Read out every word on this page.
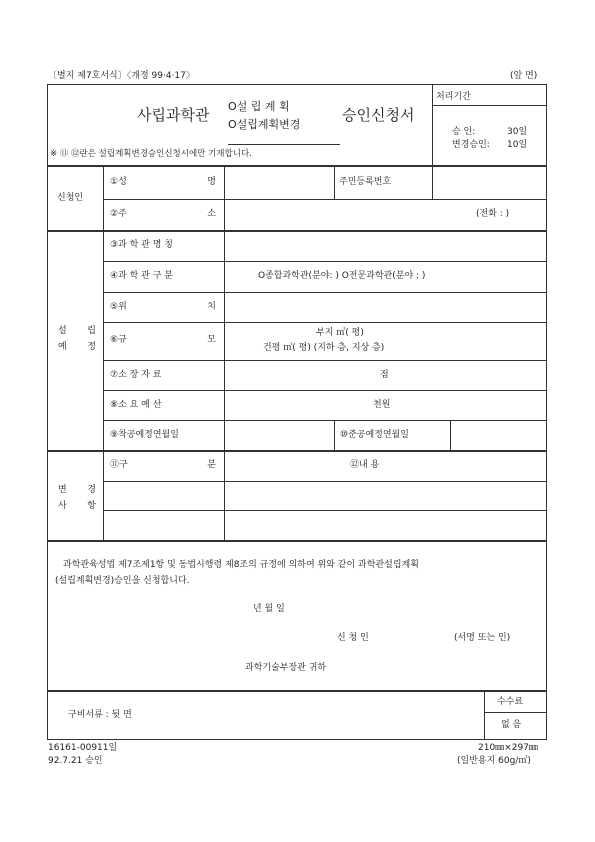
〔별지 제7호서식〕〈개정 99·4·17〉	(앞 면)
사립과학관 O설 립 계 획
O설립계획변경
승인신청서
처리기간
승 인:	30일
변경승인: 10일
※ ⑪ ⑫란은 설립계획변경승인신청시에만 기재합니다.
신청인
①성	명	주민등록번호
②주	소	(전화 : )
설 립
예 정
③과 학 관 명 칭
④과 학 관 구 분	O종합과학관(분야: ) O전문과학관(분야 : )
⑤위	치
⑥규	모
부지 ㎡( 평)
건평 ㎡( 평) (지하 층, 지상 층)
⑦소 장 자 료	점
⑧소 요 예 산	천원
⑨착공예정연월일	⑩준공예정연월일
변 경
사 항
⑪구	분	⑫내 용
과학관육성법 제7조제1항 및 동법시행령 제8조의 규정에 의하여 위와 같이 과학관설립계획
(설립계획변경)승인을 신청합니다.
년 월 일
신 청 인	(서명 또는 인)
과학기술부장관 귀하
구비서류 : 뒷 면
수수료
없 음
16161-00911일
92.7.21 승인
210㎜×297㎜
(일반용지 60g/㎡)
